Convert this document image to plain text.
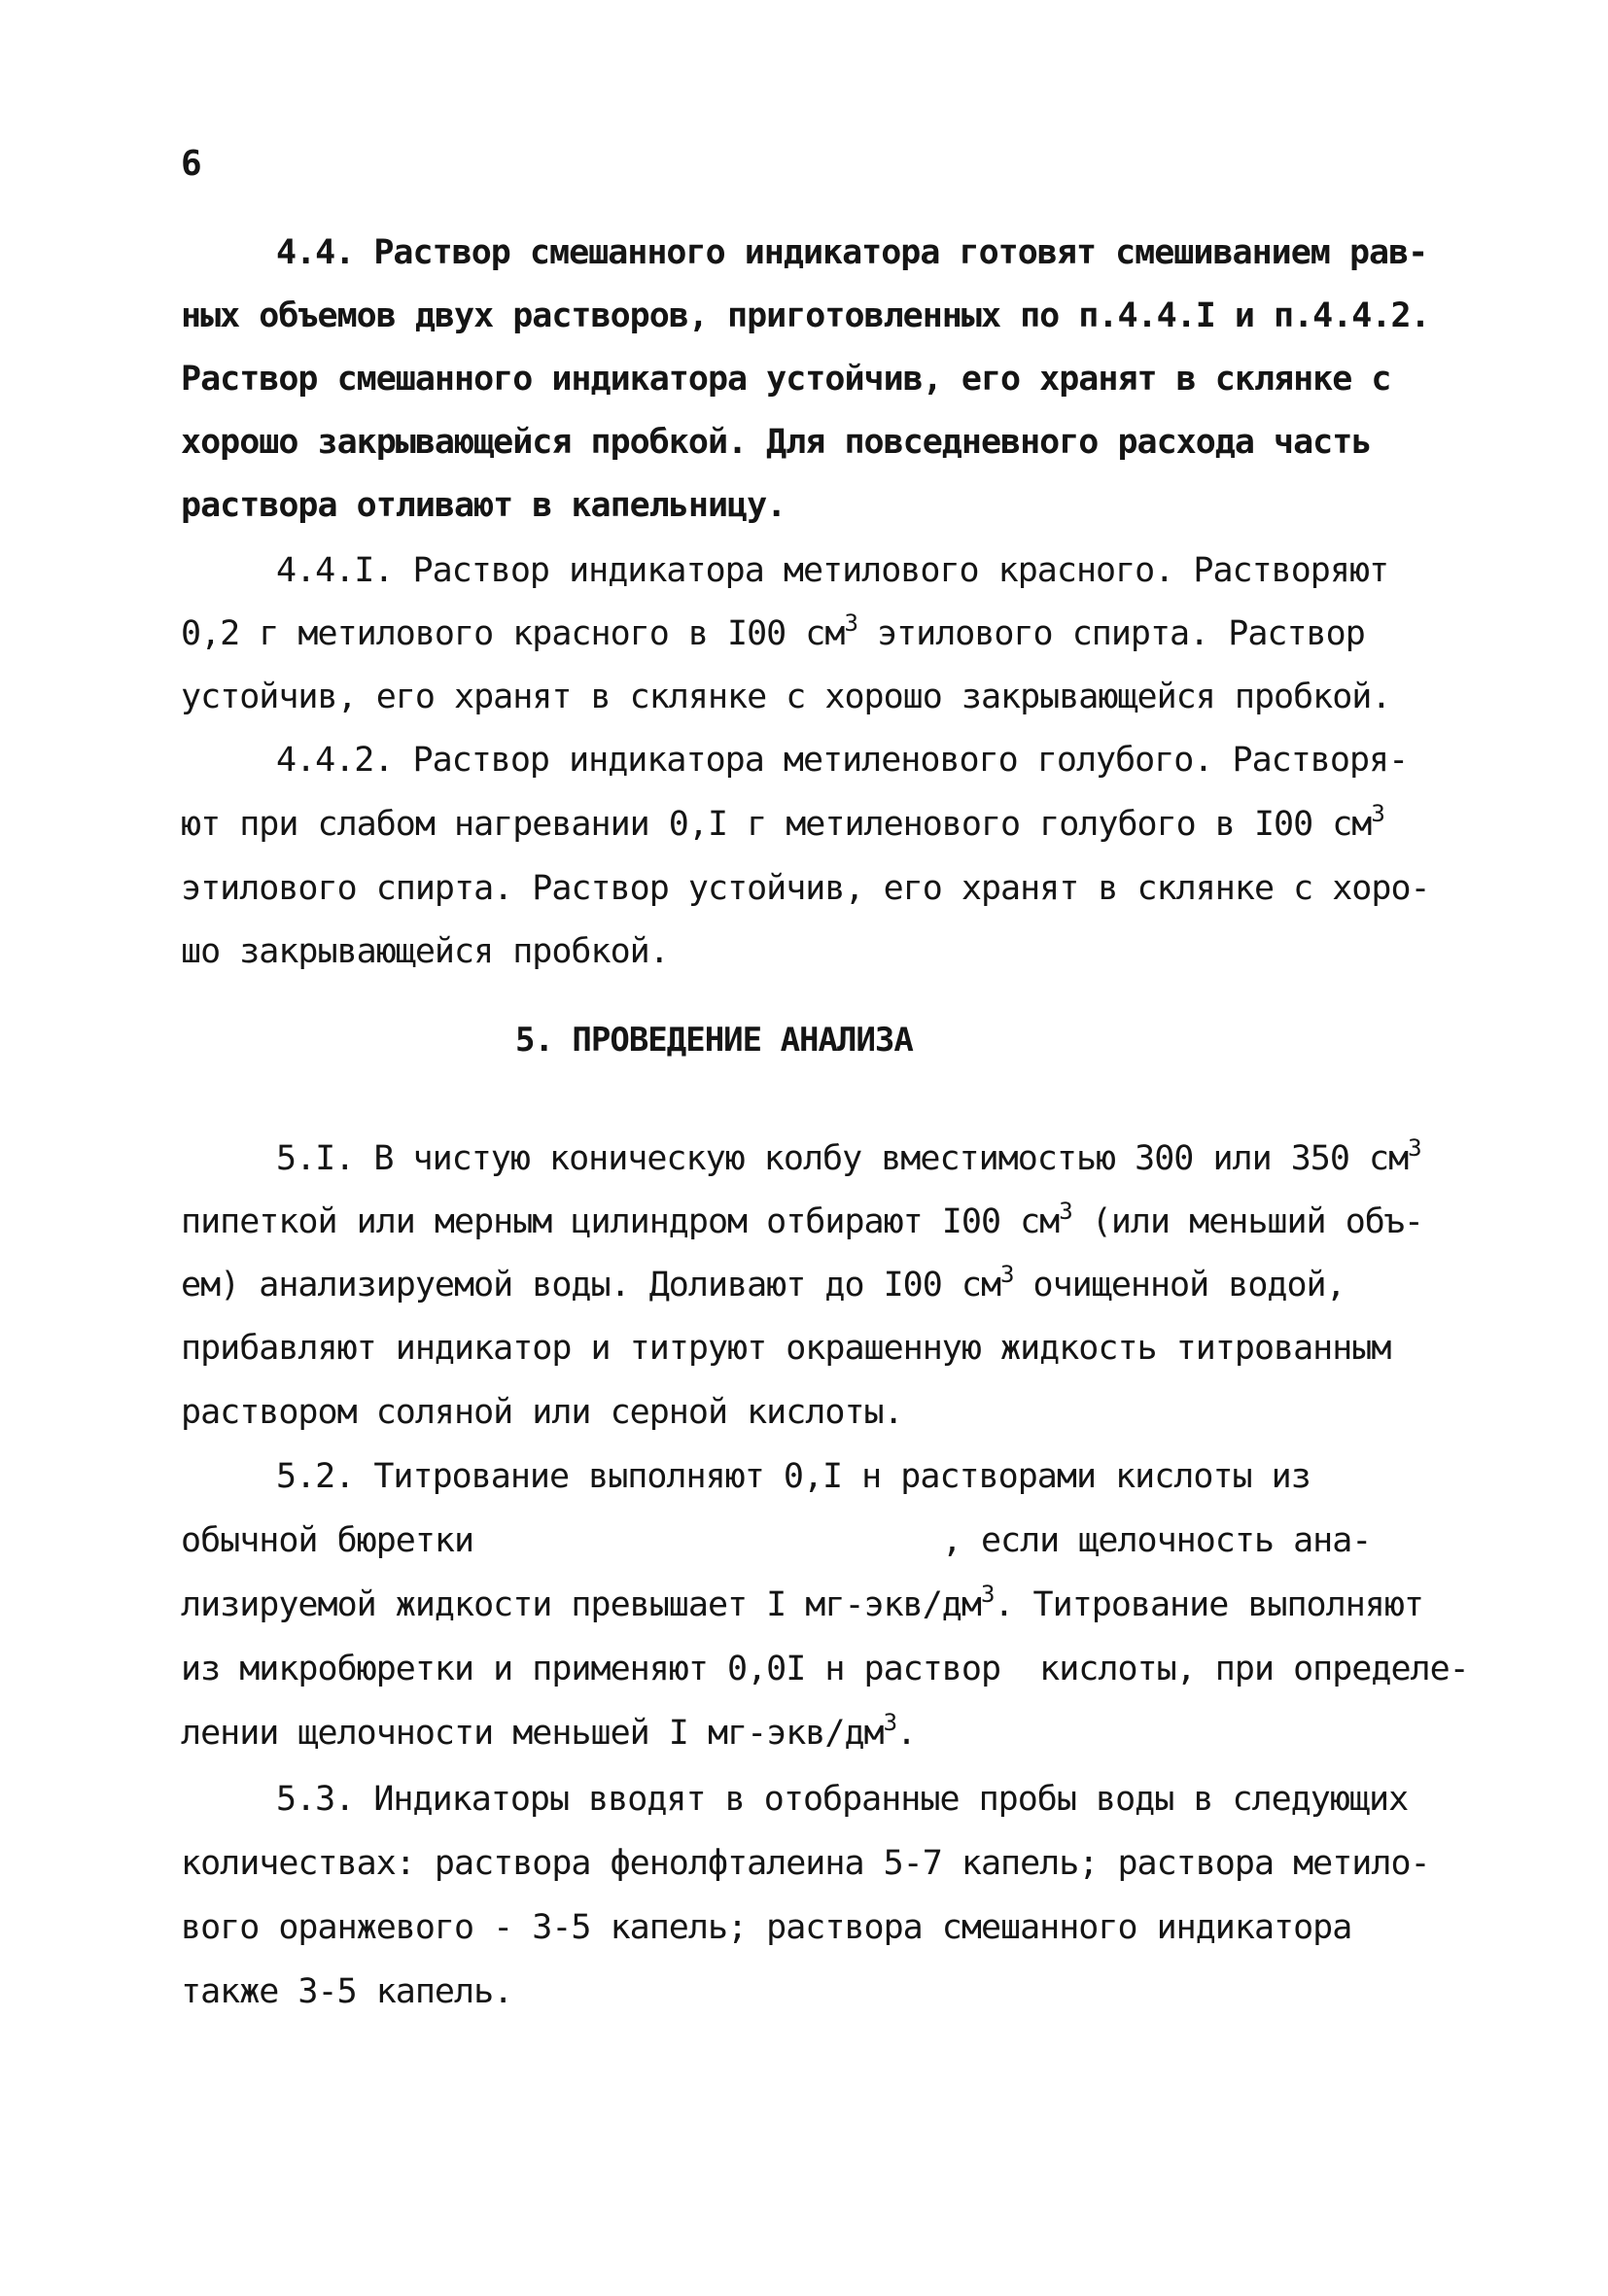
6
4.4. Раствор смешанного индикатора готовят смешиванием рав-
ных объемов двух растворов, приготовленных по п.4.4.I и п.4.4.2.
Раствор смешанного индикатора устойчив, его хранят в склянке с
хорошо закрывающейся пробкой. Для повседневного расхода часть
раствора отливают в капельницу.
4.4.I. Раствор индикатора метилового красного. Растворяют
0,2 г метилового красного в I00 $см^3$ этилового спирта. Раствор
устойчив, его хранят в склянке с хорошо закрывающейся пробкой.
4.4.2. Раствор индикатора метиленового голубого. Растворя-
ют при слабом нагревании 0,I г метиленового голубого в I00 $см^3$
этилового спирта. Раствор устойчив, его хранят в склянке с хоро-
шо закрывающейся пробкой.
5. ПРОВЕДЕНИЕ АНАЛИЗА
5.I. В чистую коническую колбу вместимостью 300 или 350 $см^3$
пипеткой или мерным цилиндром отбирают I00 $см^3$ (или меньший объ-
ем) анализируемой воды. Доливают до I00 $см^3$ очищенной водой,
прибавляют индикатор и титруют окрашенную жидкость титрованным
раствором соляной или серной кислоты.
5.2. Титрование выполняют 0,I н растворами кислоты из
обычной бюретки                        , если щелочность ана-
лизируемой жидкости превышает I $мг-экв/дм^3$. Титрование выполняют
из микробюретки и применяют 0,0I н раствор  кислоты, при определе-
лении щелочности меньшей I $мг-экв/дм^3$.
5.3. Индикаторы вводят в отобранные пробы воды в следующих
количествах: раствора фенолфталеина 5-7 капель; раствора метило-
вого оранжевого - 3-5 капель; раствора смешанного индикатора
также 3-5 капель.
